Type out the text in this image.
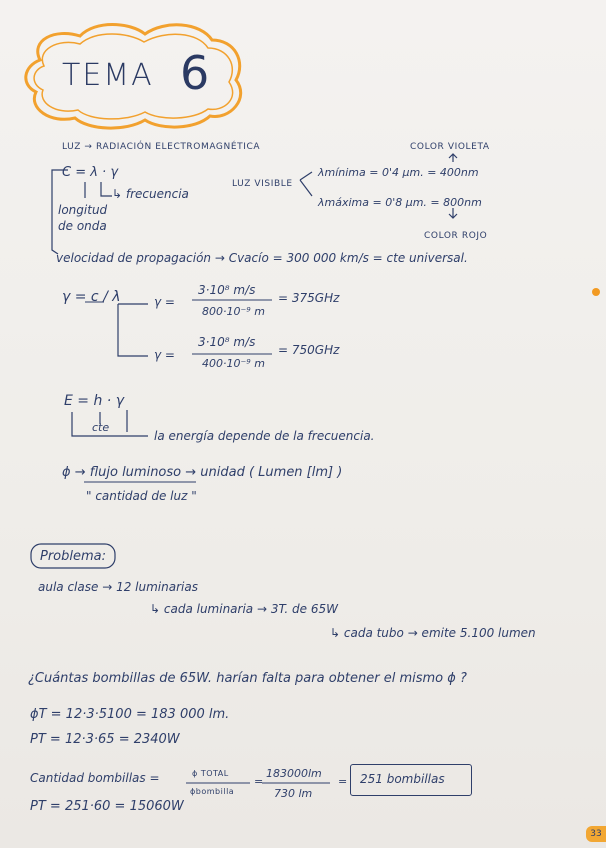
TEMA 6
LUZ → RADIACIÓN ELECTROMAGNÉTICA	COLOR VIOLETA
C = λ · γ
↳ frecuencia
longitud
de onda
LUZ VISIBLE
λmínima = 0'4 μm. = 400nm
λmáxima = 0'8 μm. = 800nm
COLOR ROJO
velocidad de propagación → Cvacío = 300 000 km/s = cte universal.
γ = c / λ	γ =
3·10⁸ m/s
800·10⁻⁹ m
= 375GHz
γ =
3·10⁸ m/s
400·10⁻⁹ m
= 750GHz
E = h · γ
cte
la energía depende de la frecuencia.
ɸ → flujo luminoso → unidad ( Lumen [lm] )
" cantidad de luz "
Problema:
aula clase → 12 luminarias
↳ cada luminaria → 3T. de 65W
↳ cada tubo → emite 5.100 lumen
¿Cuántas bombillas de 65W. harían falta para obtener el mismo ɸ ?
ɸT = 12·3·5100 = 183 000 lm.
PT = 12·3·65 = 2340W
Cantidad bombillas =	ɸ TOTAL
ɸbombilla
=
183000lm
730 lm
= 251 bombillas
PT = 251·60 = 15060W
33
